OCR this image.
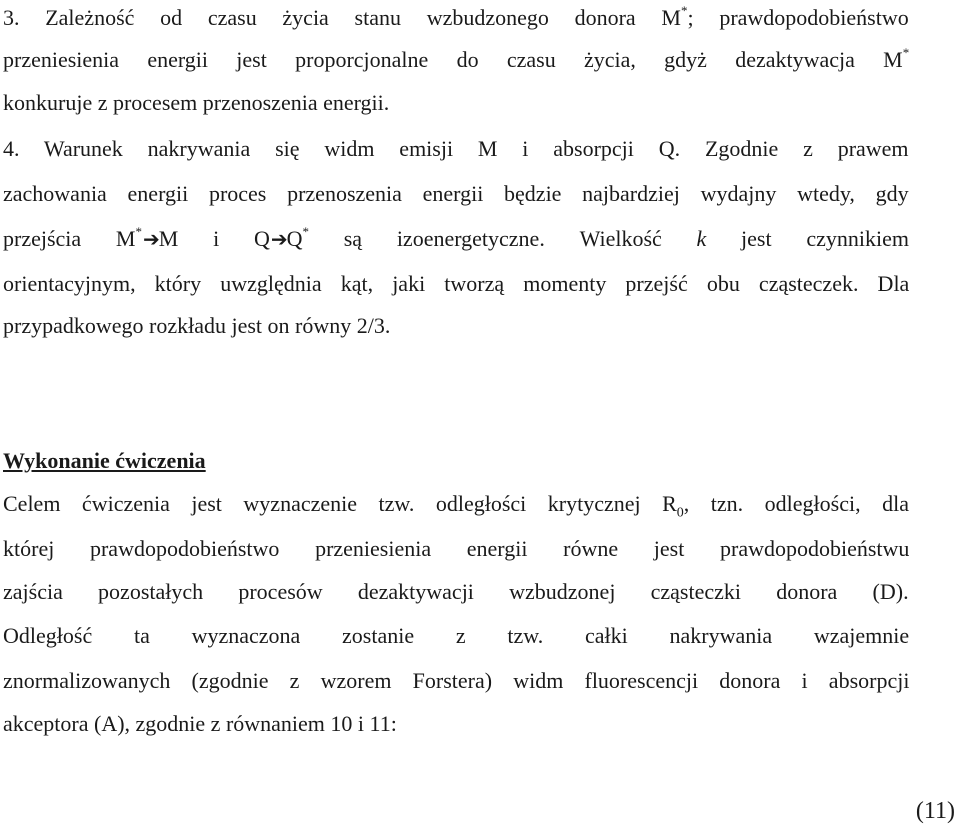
3. Zależność od czasu życia stanu wzbudzonego donora M*; prawdopodobieństwo
przeniesienia energii jest proporcjonalne do czasu życia, gdyż dezaktywacja M*
konkuruje z procesem przenoszenia energii.
4. Warunek nakrywania się widm emisji M i absorpcji Q. Zgodnie z prawem
zachowania energii proces przenoszenia energii będzie najbardziej wydajny wtedy, gdy
przejścia M*➔M i Q➔Q* są izoenergetyczne. Wielkość k jest czynnikiem
orientacyjnym, który uwzględnia kąt, jaki tworzą momenty przejść obu cząsteczek. Dla
przypadkowego rozkładu jest on równy 2/3.
Wykonanie ćwiczenia
Celem ćwiczenia jest wyznaczenie tzw. odległości krytycznej $R_0$, tzn. odległości, dla
której prawdopodobieństwo przeniesienia energii równe jest prawdopodobieństwu
zajścia pozostałych procesów dezaktywacji wzbudzonej cząsteczki donora (D).
Odległość ta wyznaczona zostanie z tzw. całki nakrywania wzajemnie
znormalizowanych (zgodnie z wzorem Forstera) widm fluorescencji donora i absorpcji
akceptora (A), zgodnie z równaniem 10 i 11:
(11)
